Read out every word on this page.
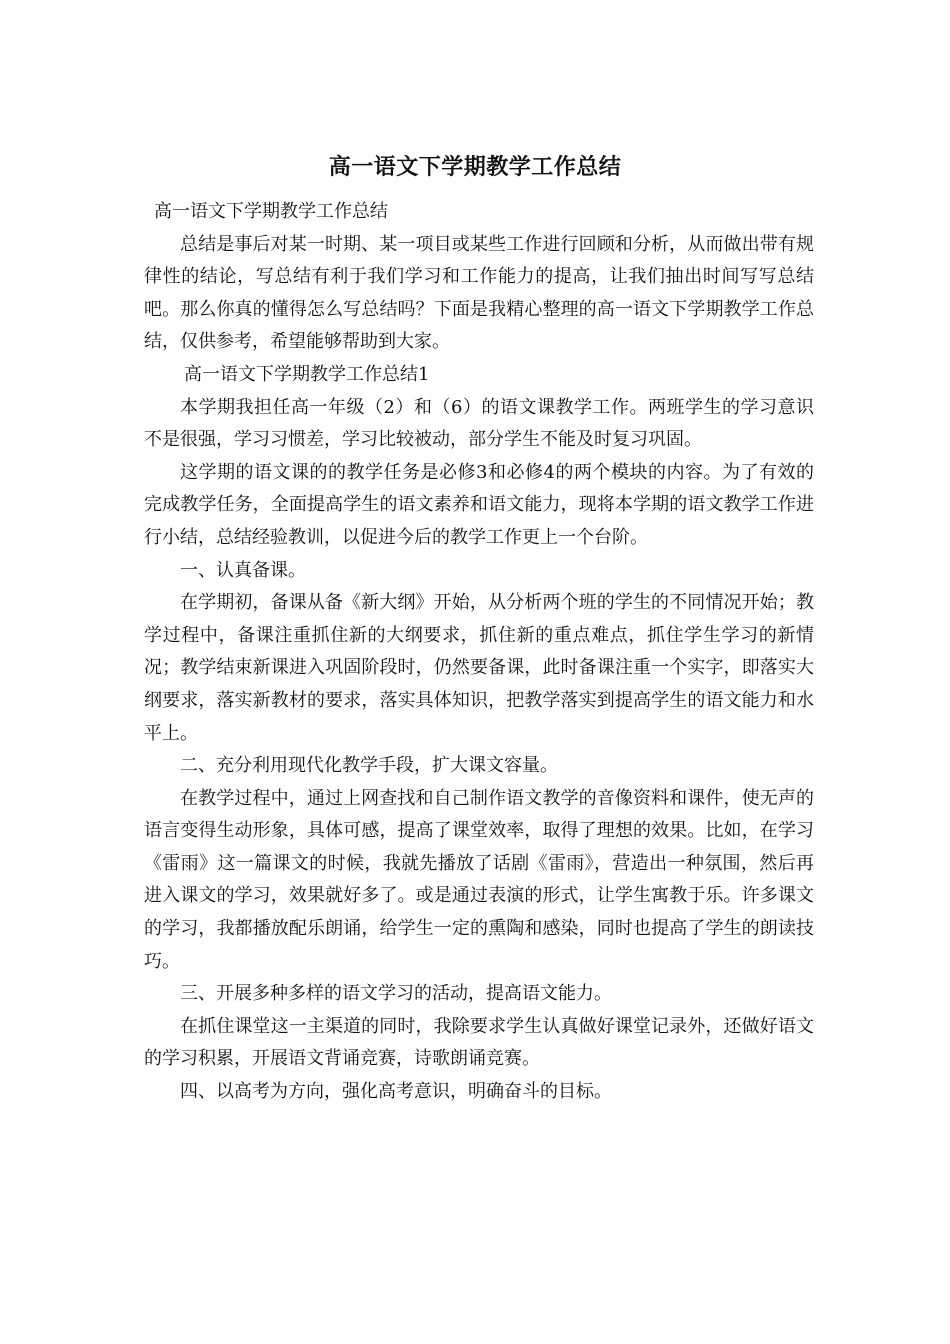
高一语文下学期教学工作总结

高一语文下学期教学工作总结

总结是事后对某一时期、某一项目或某些工作进行回顾和分析，从而做出带有规律性的结论，写总结有利于我们学习和工作能力的提高，让我们抽出时间写写总结吧。那么你真的懂得怎么写总结吗？下面是我精心整理的高一语文下学期教学工作总结，仅供参考，希望能够帮助到大家。

高一语文下学期教学工作总结1

本学期我担任高一年级（2）和（6）的语文课教学工作。两班学生的学习意识不是很强，学习习惯差，学习比较被动，部分学生不能及时复习巩固。

这学期的语文课的的教学任务是必修3和必修4的两个模块的内容。为了有效的完成教学任务，全面提高学生的语文素养和语文能力，现将本学期的语文教学工作进行小结，总结经验教训，以促进今后的教学工作更上一个台阶。

一、认真备课。

在学期初，备课从备《新大纲》开始，从分析两个班的学生的不同情况开始；教学过程中，备课注重抓住新的大纲要求，抓住新的重点难点，抓住学生学习的新情况；教学结束新课进入巩固阶段时，仍然要备课，此时备课注重一个实字，即落实大纲要求，落实新教材的要求，落实具体知识，把教学落实到提高学生的语文能力和水平上。

二、充分利用现代化教学手段，扩大课文容量。

在教学过程中，通过上网查找和自己制作语文教学的音像资料和课件，使无声的语言变得生动形象，具体可感，提高了课堂效率，取得了理想的效果。比如，在学习《雷雨》这一篇课文的时候，我就先播放了话剧《雷雨》，营造出一种氛围，然后再进入课文的学习，效果就好多了。或是通过表演的形式，让学生寓教于乐。许多课文的学习，我都播放配乐朗诵，给学生一定的熏陶和感染，同时也提高了学生的朗读技巧。

三、开展多种多样的语文学习的活动，提高语文能力。

在抓住课堂这一主渠道的同时，我除要求学生认真做好课堂记录外，还做好语文的学习积累，开展语文背诵竞赛，诗歌朗诵竞赛。

四、以高考为方向，强化高考意识，明确奋斗的目标。
